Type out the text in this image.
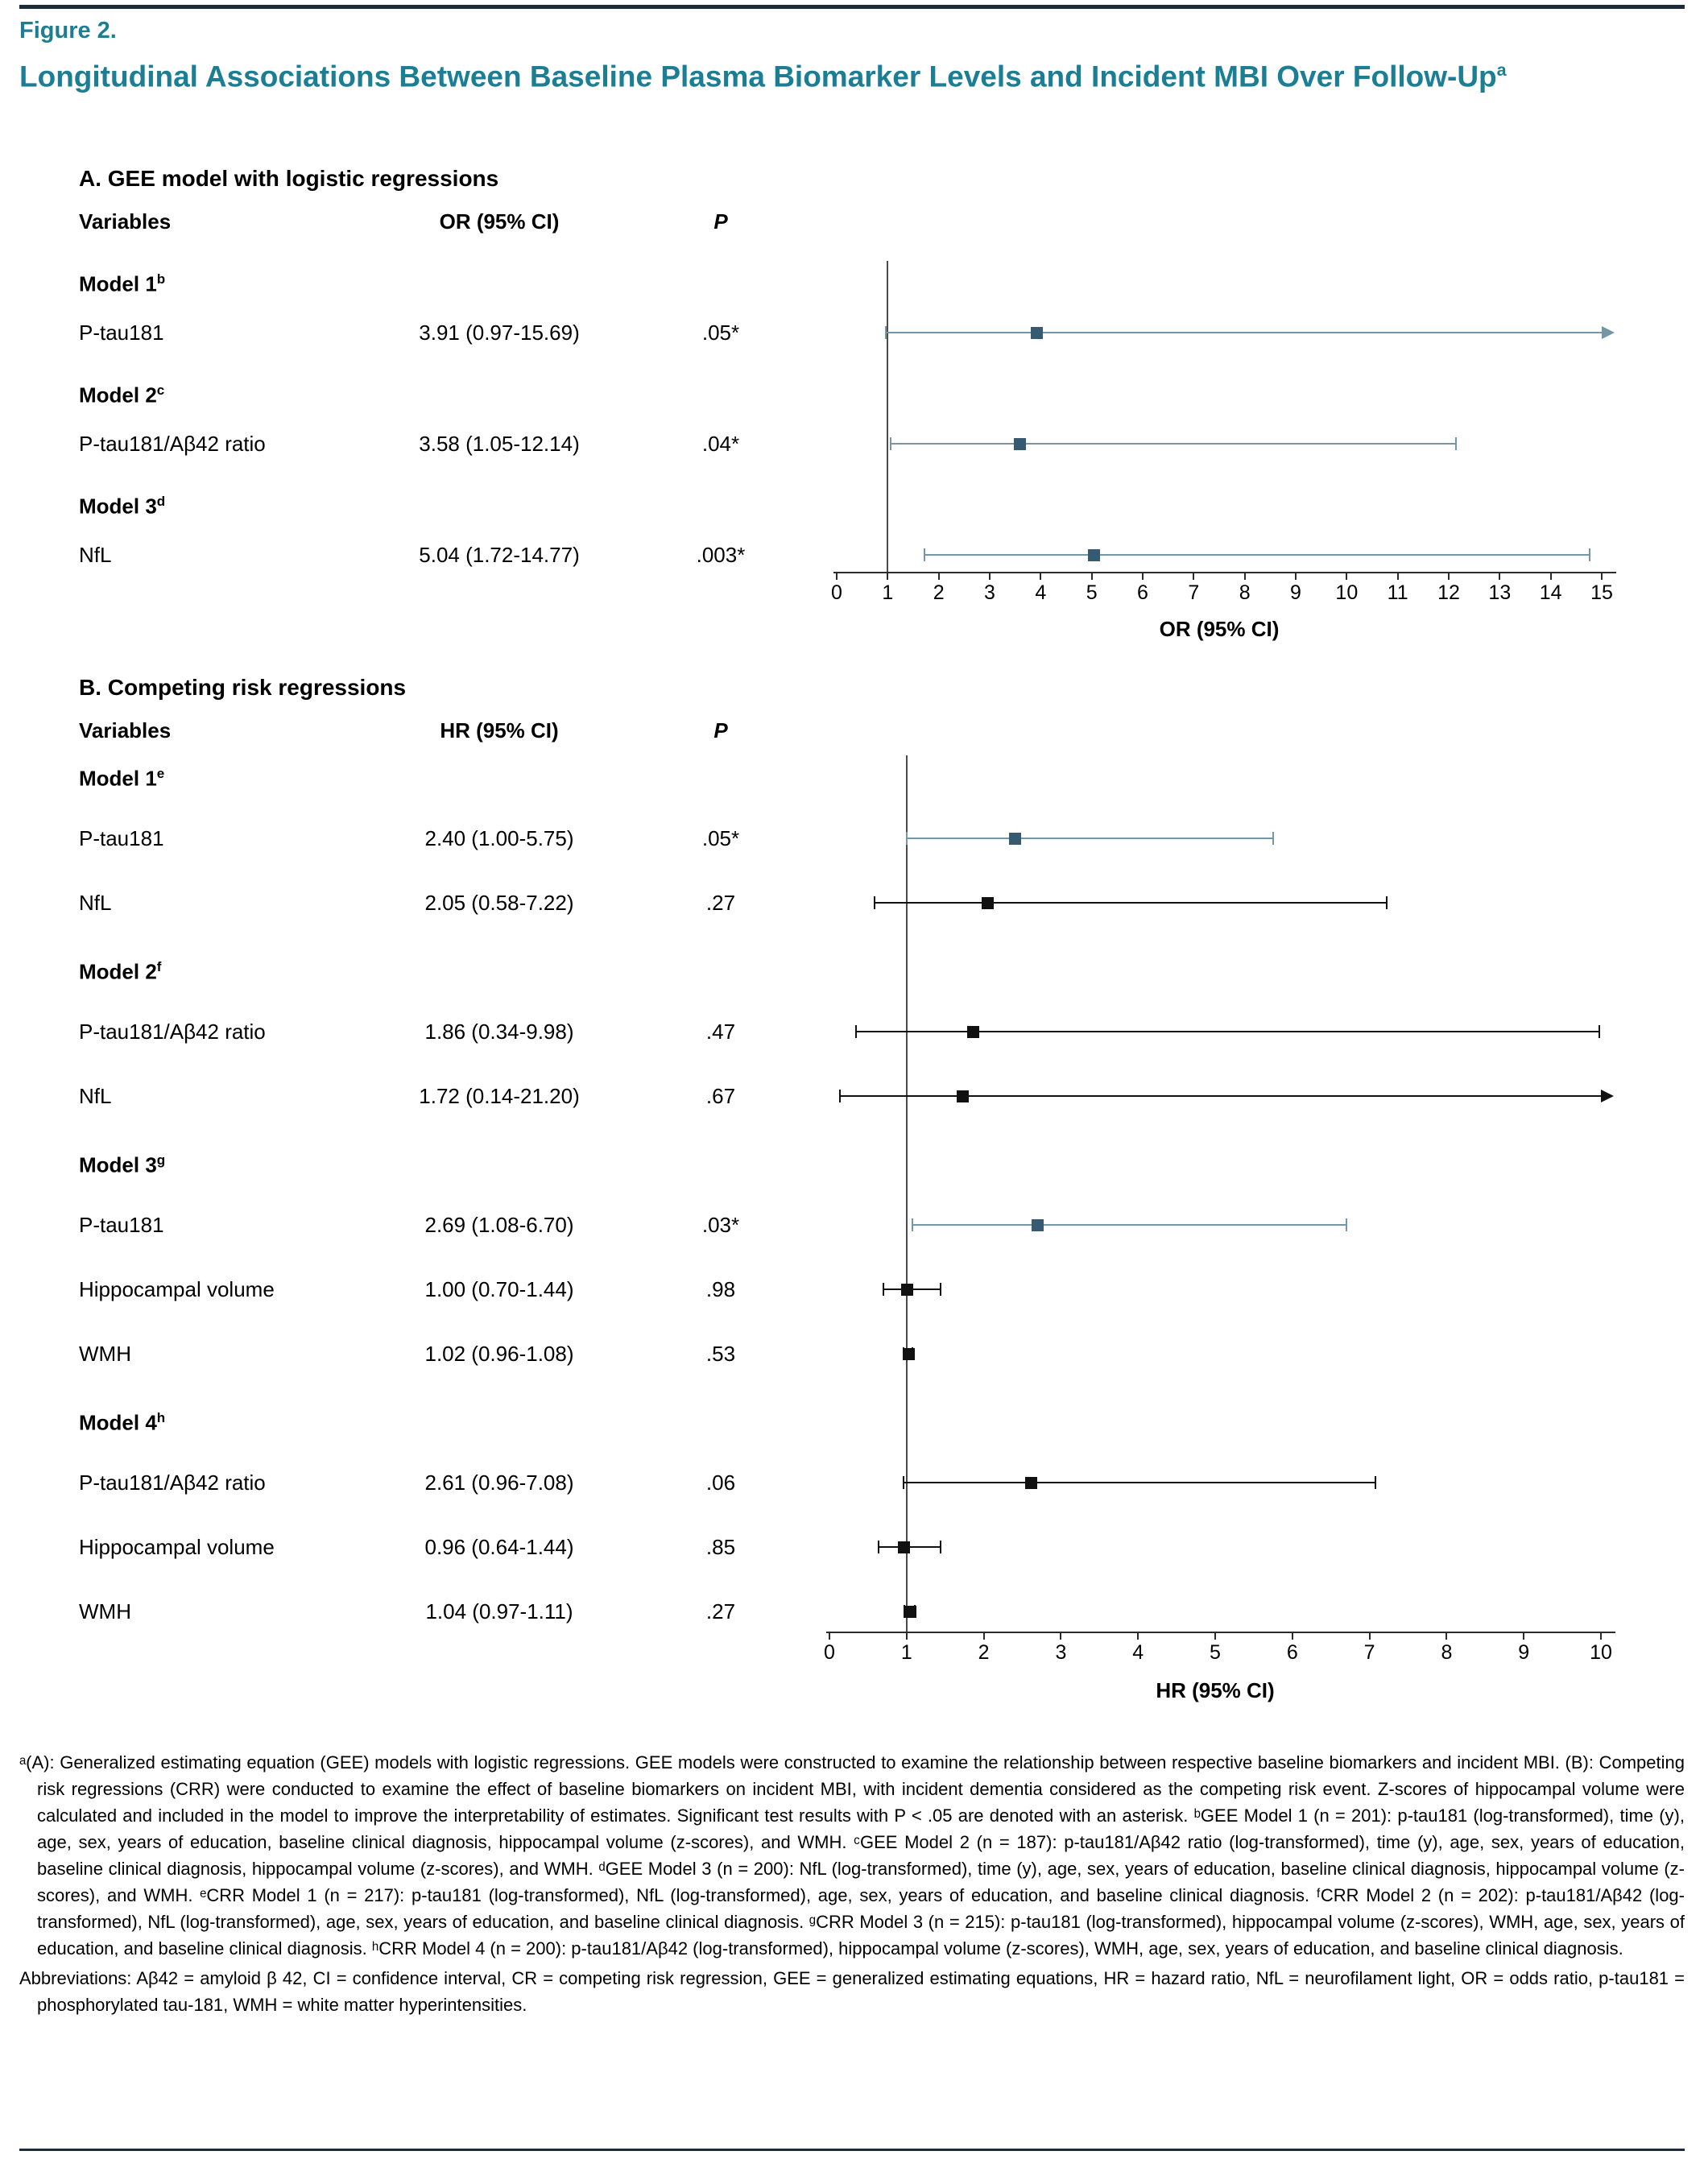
Figure 2.
Longitudinal Associations Between Baseline Plasma Biomarker Levels and Incident MBI Over Follow-Up$^a$
A. GEE model with logistic regressions
Variables	OR (95% CI)	P
0	1	2	3	4	5	6	7	8	9	10	11	12	13	14	15
OR (95% CI)
Model 1$^b$
P-tau181	3.91 (0.97-15.69)	.05*
Model 2$^c$
P-tau181/Aβ42 ratio	3.58 (1.05-12.14)	.04*
Model 3$^d$
NfL	5.04 (1.72-14.77)	.003*
B. Competing risk regressions
Variables	HR (95% CI)	P
0	1	2	3	4	5	6	7	8	9	10
HR (95% CI)
Model 1e
P-tau181	2.40 (1.00-5.75)	.05*
NfL	2.05 (0.58-7.22)	.27
Model 2$^f$
P-tau181/Aβ42 ratio	1.86 (0.34-9.98)	.47
NfL	1.72 (0.14-21.20)	.67
Model 3$^g$
P-tau181	2.69 (1.08-6.70)	.03*
Hippocampal volume	1.00 (0.70-1.44)	.98
WMH	1.02 (0.96-1.08)	.53
Model 4$^h$
P-tau181/Aβ42 ratio	2.61 (0.96-7.08)	.06
Hippocampal volume	0.96 (0.64-1.44)	.85
WMH	1.04 (0.97-1.11)	.27

ᵃ(A): Generalized estimating equation (GEE) models with logistic regressions. GEE models were constructed to examine the relationship between respective baseline biomarkers and incident MBI. (B): Competing risk regressions (CRR) were conducted to examine the effect of baseline biomarkers on incident MBI, with incident dementia considered as the competing risk event. Z-scores of hippocampal volume were calculated and included in the model to improve the interpretability of estimates. Significant test results with P < .05 are denoted with an asterisk. ᵇGEE Model 1 (n = 201): p-tau181 (log-transformed), time (y), age, sex, years of education, baseline clinical diagnosis, hippocampal volume (z-scores), and WMH. ᶜGEE Model 2 (n = 187): p-tau181/Aβ42 ratio (log-transformed), time (y), age, sex, years of education, baseline clinical diagnosis, hippocampal volume (z-scores), and WMH. ᵈGEE Model 3 (n = 200): NfL (log-transformed), time (y), age, sex, years of education, baseline clinical diagnosis, hippocampal volume (z-scores), and WMH. ᵉCRR Model 1 (n = 217): p-tau181 (log-transformed), NfL (log-transformed), age, sex, years of education, and baseline clinical diagnosis. ᶠCRR Model 2 (n = 202): p-tau181/Aβ42 (log-transformed), NfL (log-transformed), age, sex, years of education, and baseline clinical diagnosis. ᵍCRR Model 3 (n = 215): p-tau181 (log-transformed), hippocampal volume (z-scores), WMH, age, sex, years of education, and baseline clinical diagnosis. ʰCRR Model 4 (n = 200): p-tau181/Aβ42 (log-transformed), hippocampal volume (z-scores), WMH, age, sex, years of education, and baseline clinical diagnosis.

Abbreviations: Aβ42 = amyloid β 42, CI = confidence interval, CR = competing risk regression, GEE = generalized estimating equations, HR = hazard ratio, NfL = neurofilament light, OR = odds ratio, p-tau181 = phosphorylated tau-181, WMH = white matter hyperintensities.
